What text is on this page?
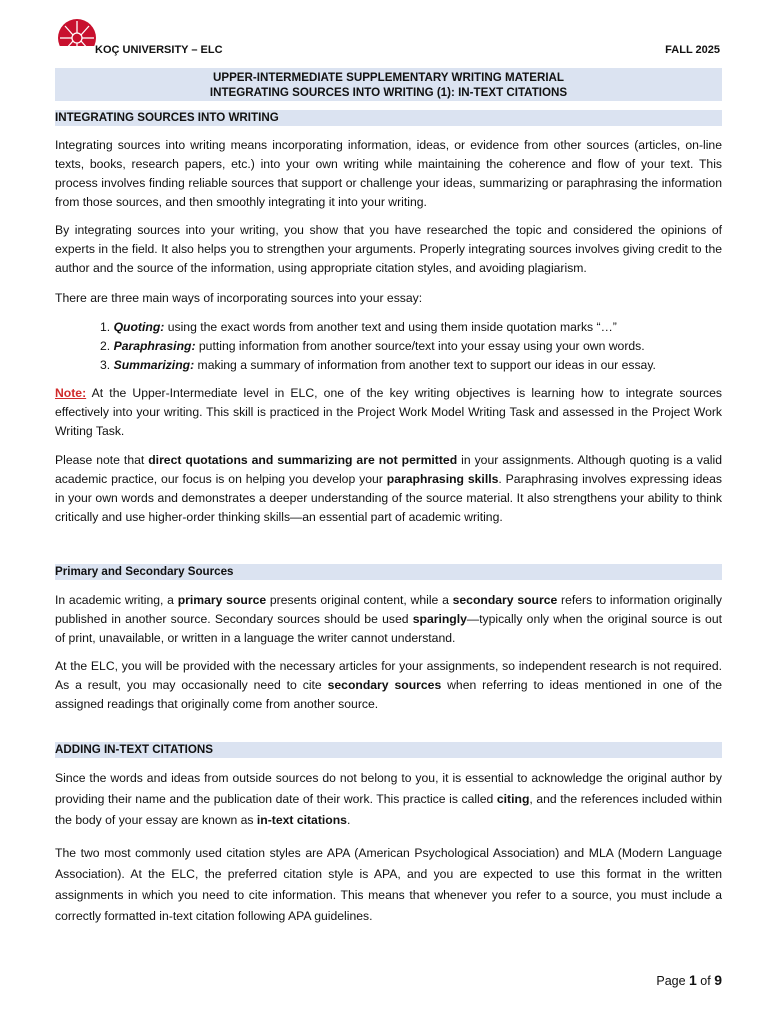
KOÇ UNIVERSITY – ELC	FALL 2025
UPPER-INTERMEDIATE SUPPLEMENTARY WRITING MATERIAL
INTEGRATING SOURCES INTO WRITING (1): IN-TEXT CITATIONS
INTEGRATING SOURCES INTO WRITING

Integrating sources into writing means incorporating information, ideas, or evidence from other sources (articles, on-line texts, books, research papers, etc.) into your own writing while maintaining the coherence and flow of your text. This process involves finding reliable sources that support or challenge your ideas, summarizing or paraphrasing the information from those sources, and then smoothly integrating it into your writing.

By integrating sources into your writing, you show that you have researched the topic and considered the opinions of experts in the field. It also helps you to strengthen your arguments. Properly integrating sources involves giving credit to the author and the source of the information, using appropriate citation styles, and avoiding plagiarism.

There are three main ways of incorporating sources into your essay:

1. Quoting: using the exact words from another text and using them inside quotation marks “…”
2. Paraphrasing: putting information from another source/text into your essay using your own words.
3. Summarizing: making a summary of information from another text to support our ideas in our essay.

Note: At the Upper-Intermediate level in ELC, one of the key writing objectives is learning how to integrate sources effectively into your writing. This skill is practiced in the Project Work Model Writing Task and assessed in the Project Work Writing Task.

Please note that direct quotations and summarizing are not permitted in your assignments. Although quoting is a valid academic practice, our focus is on helping you develop your paraphrasing skills. Paraphrasing involves expressing ideas in your own words and demonstrates a deeper understanding of the source material. It also strengthens your ability to think critically and use higher-order thinking skills—an essential part of academic writing.

Primary and Secondary Sources

In academic writing, a primary source presents original content, while a secondary source refers to information originally published in another source. Secondary sources should be used sparingly—typically only when the original source is out of print, unavailable, or written in a language the writer cannot understand.

At the ELC, you will be provided with the necessary articles for your assignments, so independent research is not required. As a result, you may occasionally need to cite secondary sources when referring to ideas mentioned in one of the assigned readings that originally come from another source.

ADDING IN-TEXT CITATIONS

Since the words and ideas from outside sources do not belong to you, it is essential to acknowledge the original author by providing their name and the publication date of their work. This practice is called citing, and the references included within the body of your essay are known as in-text citations.

The two most commonly used citation styles are APA (American Psychological Association) and MLA (Modern Language Association). At the ELC, the preferred citation style is APA, and you are expected to use this format in the written assignments in which you need to cite information. This means that whenever you refer to a source, you must include a correctly formatted in-text citation following APA guidelines.

Page 1 of 9
